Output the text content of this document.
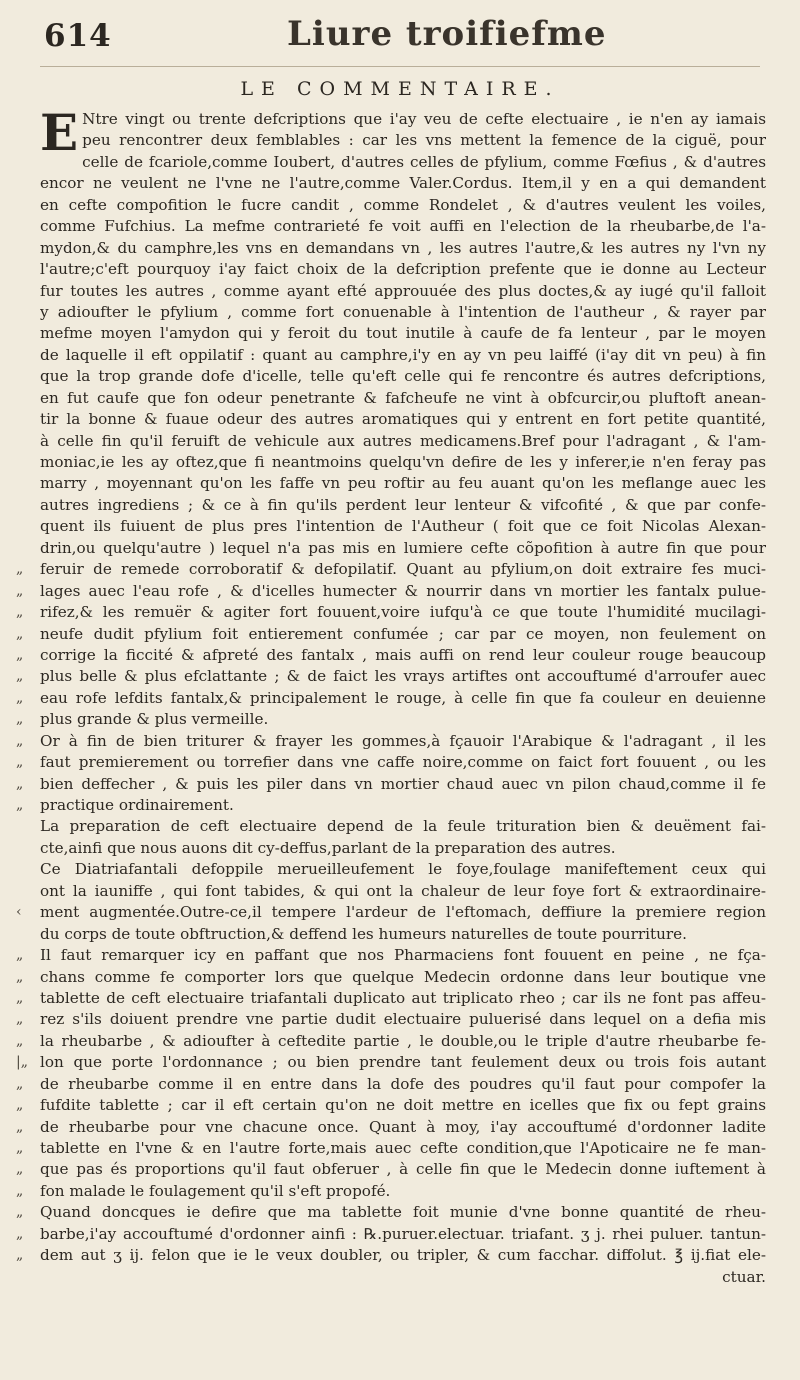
614	Liure troifiefme
LE COMMENTAIRE.
E Ntre vingt ou trente defcriptions que i'ay veu de cefte electuaire , ie n'en ay iamais
peu rencontrer deux femblables : car les vns mettent la femence de la ciguë, pour
celle de fcariole,comme Ioubert, d'autres celles de pfylium, comme Fœfius , & d'autres
encor ne veulent ne l'vne ne l'autre,comme Valer.Cordus. Item,il y en a qui demandent
en cefte compofition le fucre candit , comme Rondelet , & d'autres veulent les voiles,
comme Fufchius. La mefme contrarieté fe voit auffi en l'election de la rheubarbe,de l'a-
mydon,& du camphre,les vns en demandans vn , les autres l'autre,& les autres ny l'vn ny
l'autre;c'eft pourquoy i'ay faict choix de la defcription prefente que ie donne au Lecteur
fur toutes les autres , comme ayant efté approuuée des plus doctes,& ay iugé qu'il falloit
y adioufter le pfylium , comme fort conuenable à l'intention de l'autheur , & rayer par
mefme moyen l'amydon qui y feroit du tout inutile à caufe de fa lenteur , par le moyen
de laquelle il eft oppilatif : quant au camphre,i'y en ay vn peu laiffé (i'ay dit vn peu) à fin
que la trop grande dofe d'icelle, telle qu'eft celle qui fe rencontre és autres defcriptions,
en fut caufe que fon odeur penetrante & fafcheufe ne vint à obfcurcir,ou pluftoft anean-
tir la bonne & fuaue odeur des autres aromatiques qui y entrent en fort petite quantité,
à celle fin qu'il feruift de vehicule aux autres medicamens.Bref pour l'adragant , & l'am-
moniac,ie les ay oftez,que fi neantmoins quelqu'vn defire de les y inferer,ie n'en feray pas
marry , moyennant qu'on les faffe vn peu roftir au feu auant qu'on les meflange auec les
autres ingrediens ; & ce à fin qu'ils perdent leur lenteur & vifcofité , & que par confe-
quent ils fuiuent de plus pres l'intention de l'Autheur ( foit que ce foit Nicolas Alexan-
drin,ou quelqu'autre ) lequel n'a pas mis en lumiere cefte cõpofition à autre fin que pour
„ feruir de remede corroboratif & defopilatif. Quant au pfylium,on doit extraire fes muci-
„ lages auec l'eau rofe , & d'icelles humecter & nourrir dans vn mortier les fantalx pulue-
„ rifez,& les remuër & agiter fort fouuent,voire iufqu'à ce que toute l'humidité mucilagi-
„ neufe dudit pfylium foit entierement confumée ; car par ce moyen, non feulement on
„ corrige la ficcité & afpreté des fantalx , mais auffi on rend leur couleur rouge beaucoup
„ plus belle & plus efclattante ; & de faict les vrays artiftes ont accouftumé d'arroufer auec
„ eau rofe lefdits fantalx,& principalement le rouge, à celle fin que fa couleur en deuienne
„ plus grande & plus vermeille.
„ Or à fin de bien triturer & frayer les gommes,à fçauoir l'Arabique & l'adragant , il les
„ faut premierement ou torrefier dans vne caffe noire,comme on faict fort fouuent , ou les
„ bien deffecher , & puis les piler dans vn mortier chaud auec vn pilon chaud,comme il fe
„ practique ordinairement.
La preparation de ceft electuaire depend de la feule trituration bien & deuëment fai-
cte,ainfi que nous auons dit cy-deffus,parlant de la preparation des autres.
Ce Diatriafantali defoppile merueilleufement le foye,foulage manifeftement ceux qui
ont la iauniffe , qui font tabides, & qui ont la chaleur de leur foye fort & extraordinaire-
‹ ment augmentée.Outre-ce,il tempere l'ardeur de l'eftomach, deffiure la premiere region
du corps de toute obftruction,& deffend les humeurs naturelles de toute pourriture.
„ Il faut remarquer icy en paffant que nos Pharmaciens font fouuent en peine , ne fça-
„ chans comme fe comporter lors que quelque Medecin ordonne dans leur boutique vne
„ tablette de ceft electuaire triafantali duplicato aut triplicato rheo ; car ils ne font pas affeu-
„ rez s'ils doiuent prendre vne partie dudit electuaire puluerisé dans lequel on a defia mis
„ la rheubarbe , & adioufter à ceftedite partie , le double,ou le triple d'autre rheubarbe fe-
|„ lon que porte l'ordonnance ; ou bien prendre tant feulement deux ou trois fois autant
„ de rheubarbe comme il en entre dans la dofe des poudres qu'il faut pour compofer la
„ fufdite tablette ; car il eft certain qu'on ne doit mettre en icelles que fix ou fept grains
„ de rheubarbe pour vne chacune once. Quant à moy, i'ay accouftumé d'ordonner ladite
„ tablette en l'vne & en l'autre forte,mais auec cefte condition,que l'Apoticaire ne fe man-
„ que pas és proportions qu'il faut obferuer , à celle fin que le Medecin donne iuftement à
„ fon malade le foulagement qu'il s'eft propofé.
„ Quand doncques ie defire que ma tablette foit munie d'vne bonne quantité de rheu-
„ barbe,i'ay accouftumé d'ordonner ainfi : ℞.puruer.electuar. triafant. ʒ j. rhei puluer. tantun-
„ dem aut ʒ ij. felon que ie le veux doubler, ou tripler, & cum facchar. diffolut. ℥ ij.fiat ele-
ctuar.
